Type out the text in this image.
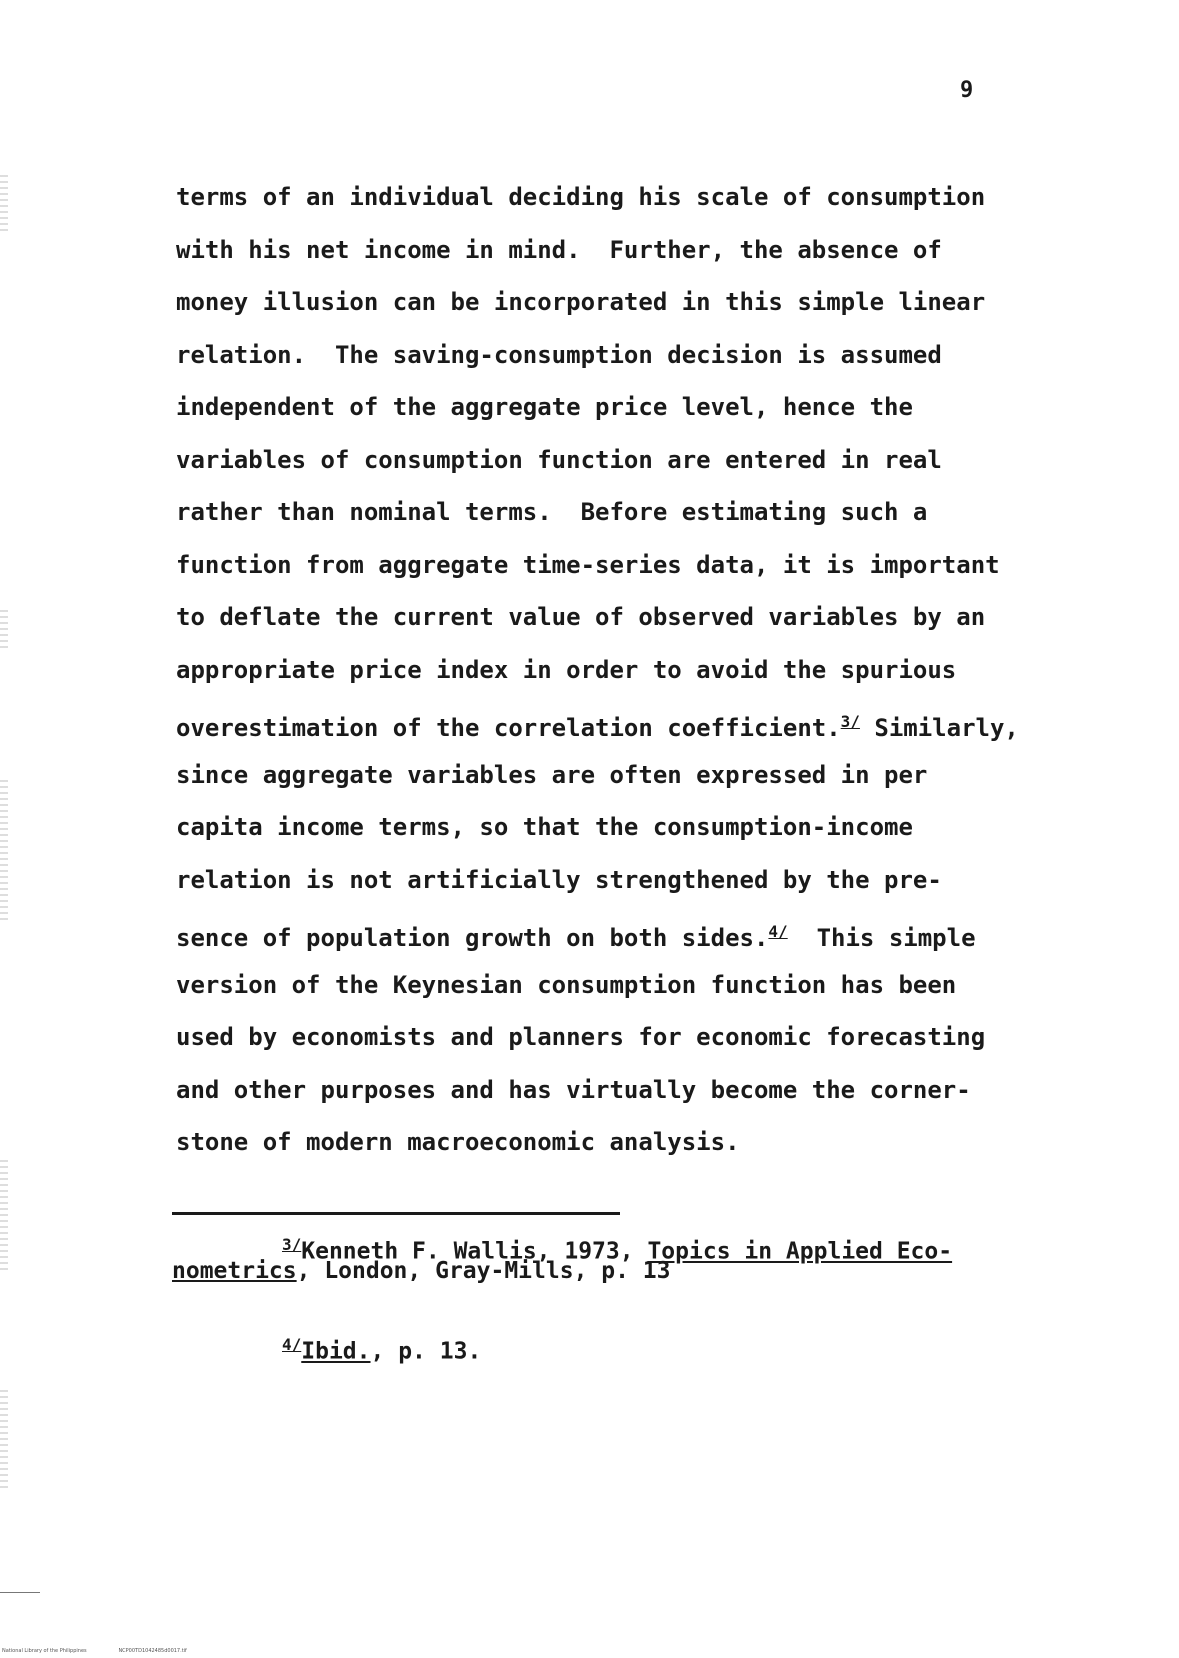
9
terms of an individual deciding his scale of consumption
with his net income in mind.  Further, the absence of
money illusion can be incorporated in this simple linear
relation.  The saving-consumption decision is assumed
independent of the aggregate price level, hence the
variables of consumption function are entered in real
rather than nominal terms.  Before estimating such a
function from aggregate time-series data, it is important
to deflate the current value of observed variables by an
appropriate price index in order to avoid the spurious
overestimation of the correlation coefficient.$^{3/}$ Similarly,
since aggregate variables are often expressed in per
capita income terms, so that the consumption-income
relation is not artificially strengthened by the pre-
sence of population growth on both sides.$^{4/}$  This simple
version of the Keynesian consumption function has been
used by economists and planners for economic forecasting
and other purposes and has virtually become the corner-
stone of modern macroeconomic analysis.
$^{3/}$Kenneth F. Wallis, 1973, Topics in Applied Eco-
nometrics, London, Gray-Mills, p. 13
$^{4/}$Ibid., p. 13.
National Library of the Philippines	NCP00TD1042485d0017.tif
